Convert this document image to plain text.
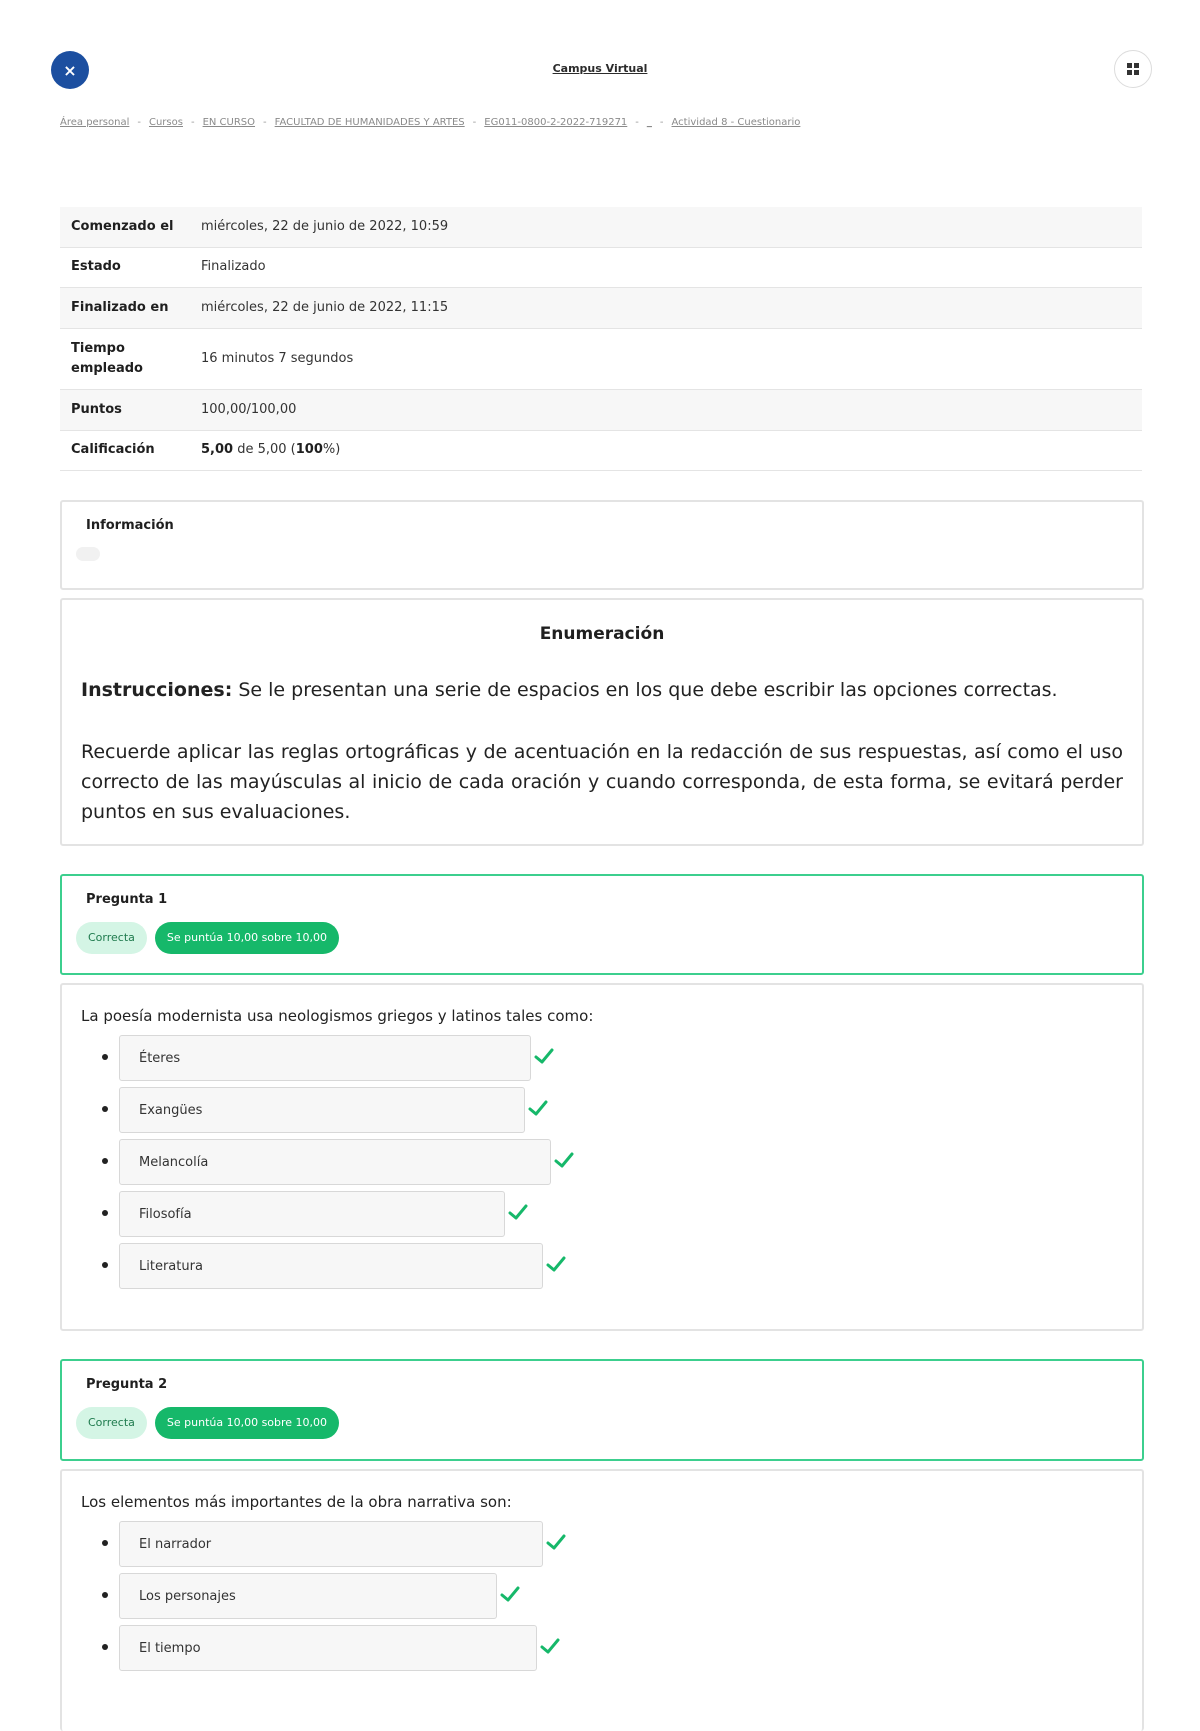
×	Campus Virtual
Área personal - Cursos - EN CURSO - FACULTAD DE HUMANIDADES Y ARTES - EG011-0800-2-2022-719271 - _ - Actividad 8 - Cuestionario
Comenzado el	miércoles, 22 de junio de 2022, 10:59
Estado	Finalizado
Finalizado en	miércoles, 22 de junio de 2022, 11:15
Tiempo empleado	16 minutos 7 segundos
Puntos	100,00/100,00
Calificación	5,00 de 5,00 (100%)
Información
Enumeración
Instrucciones: Se le presentan una serie de espacios en los que debe escribir las opciones correctas.
Recuerde aplicar las reglas ortográficas y de acentuación en la redacción de sus respuestas, así como el uso correcto de las mayúsculas al inicio de cada oración y cuando corresponda, de esta forma, se evitará perder puntos en sus evaluaciones.
Pregunta 1
Correcta	Se puntúa 10,00 sobre 10,00
La poesía modernista usa neologismos griegos y latinos tales como:
Éteres
Exangües
Melancolía
Filosofía
Literatura
Pregunta 2
Correcta	Se puntúa 10,00 sobre 10,00
Los elementos más importantes de la obra narrativa son:
El narrador
Los personajes
El tiempo
